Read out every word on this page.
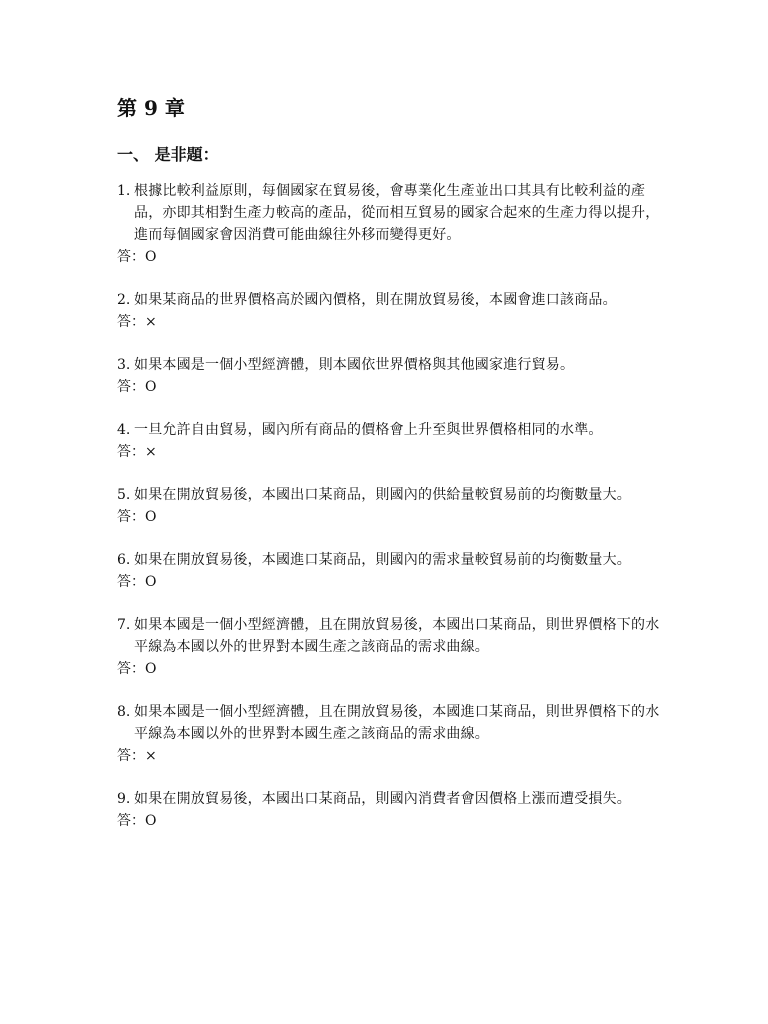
第 9 章
一、 是非題：
1. 根據比較利益原則，每個國家在貿易後，會專業化生產並出口其具有比較利益的產品，亦即其相對生產力較高的產品，從而相互貿易的國家合起來的生產力得以提升，進而每個國家會因消費可能曲線往外移而變得更好。
答：O
2. 如果某商品的世界價格高於國內價格，則在開放貿易後，本國會進口該商品。
答：×
3. 如果本國是一個小型經濟體，則本國依世界價格與其他國家進行貿易。
答：O
4. 一旦允許自由貿易，國內所有商品的價格會上升至與世界價格相同的水準。
答：×
5. 如果在開放貿易後，本國出口某商品，則國內的供給量較貿易前的均衡數量大。
答：O
6. 如果在開放貿易後，本國進口某商品，則國內的需求量較貿易前的均衡數量大。
答：O
7. 如果本國是一個小型經濟體，且在開放貿易後，本國出口某商品，則世界價格下的水平線為本國以外的世界對本國生產之該商品的需求曲線。
答：O
8. 如果本國是一個小型經濟體，且在開放貿易後，本國進口某商品，則世界價格下的水平線為本國以外的世界對本國生產之該商品的需求曲線。
答：×
9. 如果在開放貿易後，本國出口某商品，則國內消費者會因價格上漲而遭受損失。
答：O
